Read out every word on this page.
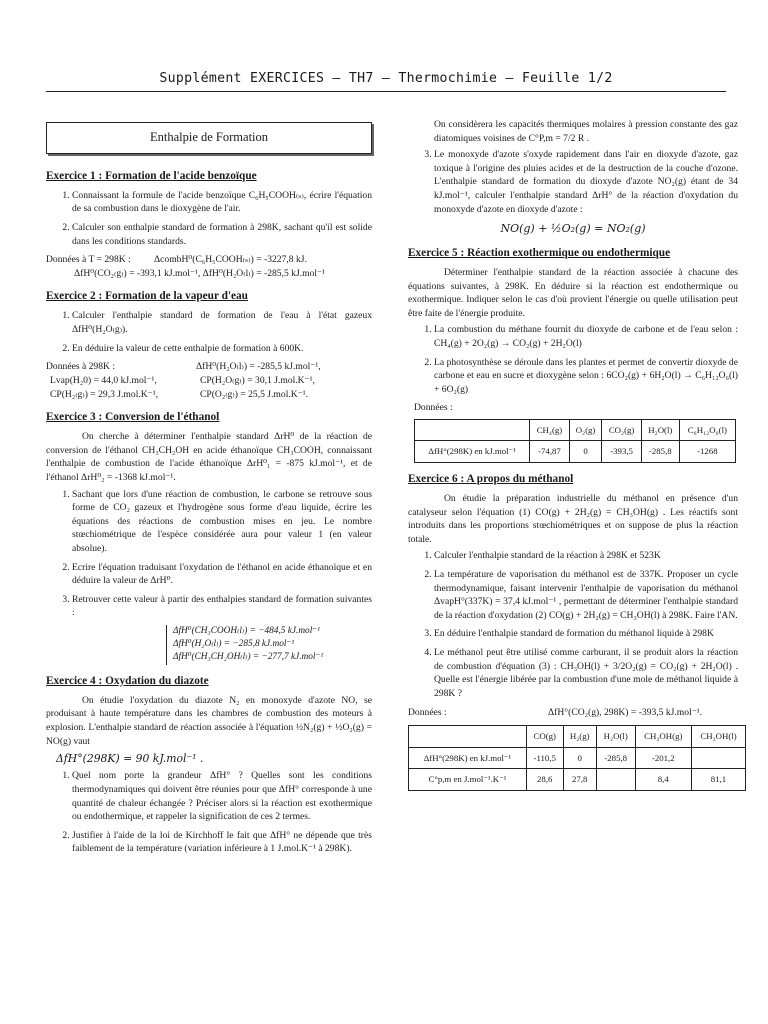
Supplément EXERCICES – TH7 – Thermochimie – Feuille 1/2
Enthalpie de Formation
Exercice 1 : Formation de l'acide benzoïque
1. Connaissant la formule de l'acide benzoïque C₆H₅COOH₍ₛ₎, écrire l'équation de sa combustion dans le dioxygène de l'air.
2. Calculer son enthalpie standard de formation à 298K, sachant qu'il est solide dans les conditions standards.
Données à T = 298K :	ΔcombH⁰(C₆H₅COOH₍ₛ₎) = -3227,8 kJ.
ΔfH⁰(CO₂₍g₎) = -393,1 kJ.mol⁻¹, ΔfH⁰(H₂O₍l₎) = -285,5 kJ.mol⁻¹
Exercice 2 : Formation de la vapeur d'eau
1. Calculer l'enthalpie standard de formation de l'eau à l'état gazeux ΔfH⁰(H₂O₍g₎).
2. En déduire la valeur de cette enthalpie de formation à 600K.
Données à 298K :	ΔfH⁰(H₂O₍l₎) = -285,5 kJ.mol⁻¹,
Lvap(H₂0) = 44,0 kJ.mol⁻¹,	CP(H₂O₍g₎) = 30,1 J.mol.K⁻¹,
CP(H₂₍g₎) = 29,3 J.mol.K⁻¹,	CP(O₂₍g₎) = 25,5 J.mol.K⁻¹.
Exercice 3 : Conversion de l'éthanol

On cherche à déterminer l'enthalpie standard ΔrH⁰ de la réaction de conversion de l'éthanol CH₃CH₂OH en acide éthanoïque CH₃COOH, connaissant l'enthalpie de combustion de l'acide éthanoïque ΔrH⁰₁ = -875 kJ.mol⁻¹, et de l'éthanol ΔrH⁰₂ = -1368 kJ.mol⁻¹.

1. Sachant que lors d'une réaction de combustion, le carbone se retrouve sous forme de CO₂ gazeux et l'hydrogène sous forme d'eau liquide, écrire les équations des réactions de combustion mises en jeu. Le nombre stœchiométrique de l'espèce considérée aura pour valeur 1 (en valeur absolue).
2. Ecrire l'équation traduisant l'oxydation de l'éthanol en acide éthanoïque et en déduire la valeur de ΔrH⁰.
3. Retrouver cette valeur à partir des enthalpies standard de formation suivantes :
ΔfH⁰(CH₃COOH₍l₎) = −484,5 kJ.mol⁻¹
ΔfH⁰(H₂O₍l₎) = −285,8 kJ.mol⁻¹
ΔfH⁰(CH₃CH₂OH₍l₎) = −277,7 kJ.mol⁻¹
Exercice 4 : Oxydation du diazote

On étudie l'oxydation du diazote N₂ en monoxyde d'azote NO, se produisant à haute température dans les chambres de combustion des moteurs à explosion. L'enthalpie standard de réaction associée à l'équation ½N₂(g) + ½O₂(g) = NO(g) vaut

ΔfH°(298K) = 90 kJ.mol⁻¹ .

1. Quel nom porte la grandeur ΔfH° ? Quelles sont les conditions thermodynamiques qui doivent être réunies pour que ΔfH° corresponde à une quantité de chaleur échangée ? Préciser alors si la réaction est exothermique ou endothermique, et rappeler la signification de ces 2 termes.
2. Justifier à l'aide de la loi de Kirchhoff le fait que ΔfH° ne dépende que très faiblement de la température (variation inférieure à 1 J.mol.K⁻¹ à 298K).

On considèrera les capacités thermiques molaires à pression constante des gaz diatomiques voisines de C°P,m = 7/2 R .

3. Le monoxyde d'azote s'oxyde rapidement dans l'air en dioxyde d'azote, gaz toxique à l'origine des pluies acides et de la destruction de la couche d'ozone. L'enthalpie standard de formation du dioxyde d'azote NO₂(g) étant de 34 kJ.mol⁻¹, calculer l'enthalpie standard ΔrH° de la réaction d'oxydation du monoxyde d'azote en dioxyde d'azote :
NO(g) + ½O₂(g) = NO₂(g)
Exercice 5 : Réaction exothermique ou endothermique

Déterminer l'enthalpie standard de la réaction associée à chacune des équations suivantes, à 298K. En déduire si la réaction est endothermique ou exothermique. Indiquer selon le cas d'où provient l'énergie ou quelle utilisation peut être faite de l'énergie produite.

1. La combustion du méthane fournit du dioxyde de carbone et de l'eau selon : CH₄(g) + 2O₂(g) → CO₂(g) + 2H₂O(l)
2. La photosynthèse se déroule dans les plantes et permet de convertir dioxyde de carbone et eau en sucre et dioxygène selon : 6CO₂(g) + 6H₂O(l) → C₆H₁₂O₆(l) + 6O₂(g)
Données :
	CH₄(g)	O₂(g)	CO₂(g)	H₂O(l)	C₆H₁₂O₆(l)
ΔfH°(298K) en kJ.mol⁻¹	-74,87	0	-393,5	-285,8	-1268
Exercice 6 : A propos du méthanol

On étudie la préparation industrielle du méthanol en présence d'un catalyseur selon l'équation (1) CO(g) + 2H₂(g) = CH₃OH(g) . Les réactifs sont introduits dans les proportions stœchiométriques et on suppose de plus la réaction totale.

1. Calculer l'enthalpie standard de la réaction à 298K et 523K
2. La température de vaporisation du méthanol est de 337K. Proposer un cycle thermodynamique, faisant intervenir l'enthalpie de vaporisation du méthanol ΔvapH°(337K) = 37,4 kJ.mol⁻¹ , permettant de déterminer l'enthalpie standard de la réaction d'oxydation (2) CO(g) + 2H₂(g) = CH₃OH(l) à 298K. Faire l'AN.
3. En déduire l'enthalpie standard de formation du méthanol liquide à 298K
4. Le méthanol peut être utilisé comme carburant, il se produit alors la réaction de combustion d'équation (3) : CH₃OH(l) + 3/2O₂(g) = CO₂(g) + 2H₂O(l) . Quelle est l'énergie libérée par la combustion d'une mole de méthanol liquide à 298K ?
Données :	ΔfH°(CO₂(g), 298K) = -393,5 kJ.mol⁻¹.
	CO(g)	H₂(g)	H₂O(l)	CH₃OH(g)	CH₃OH(l)
ΔfH°(298K) en kJ.mol⁻¹	-110,5	0	-285,8	-201,2	
C°p,m en J.mol⁻¹.K⁻¹	28,6	27,8		8,4	81,1
